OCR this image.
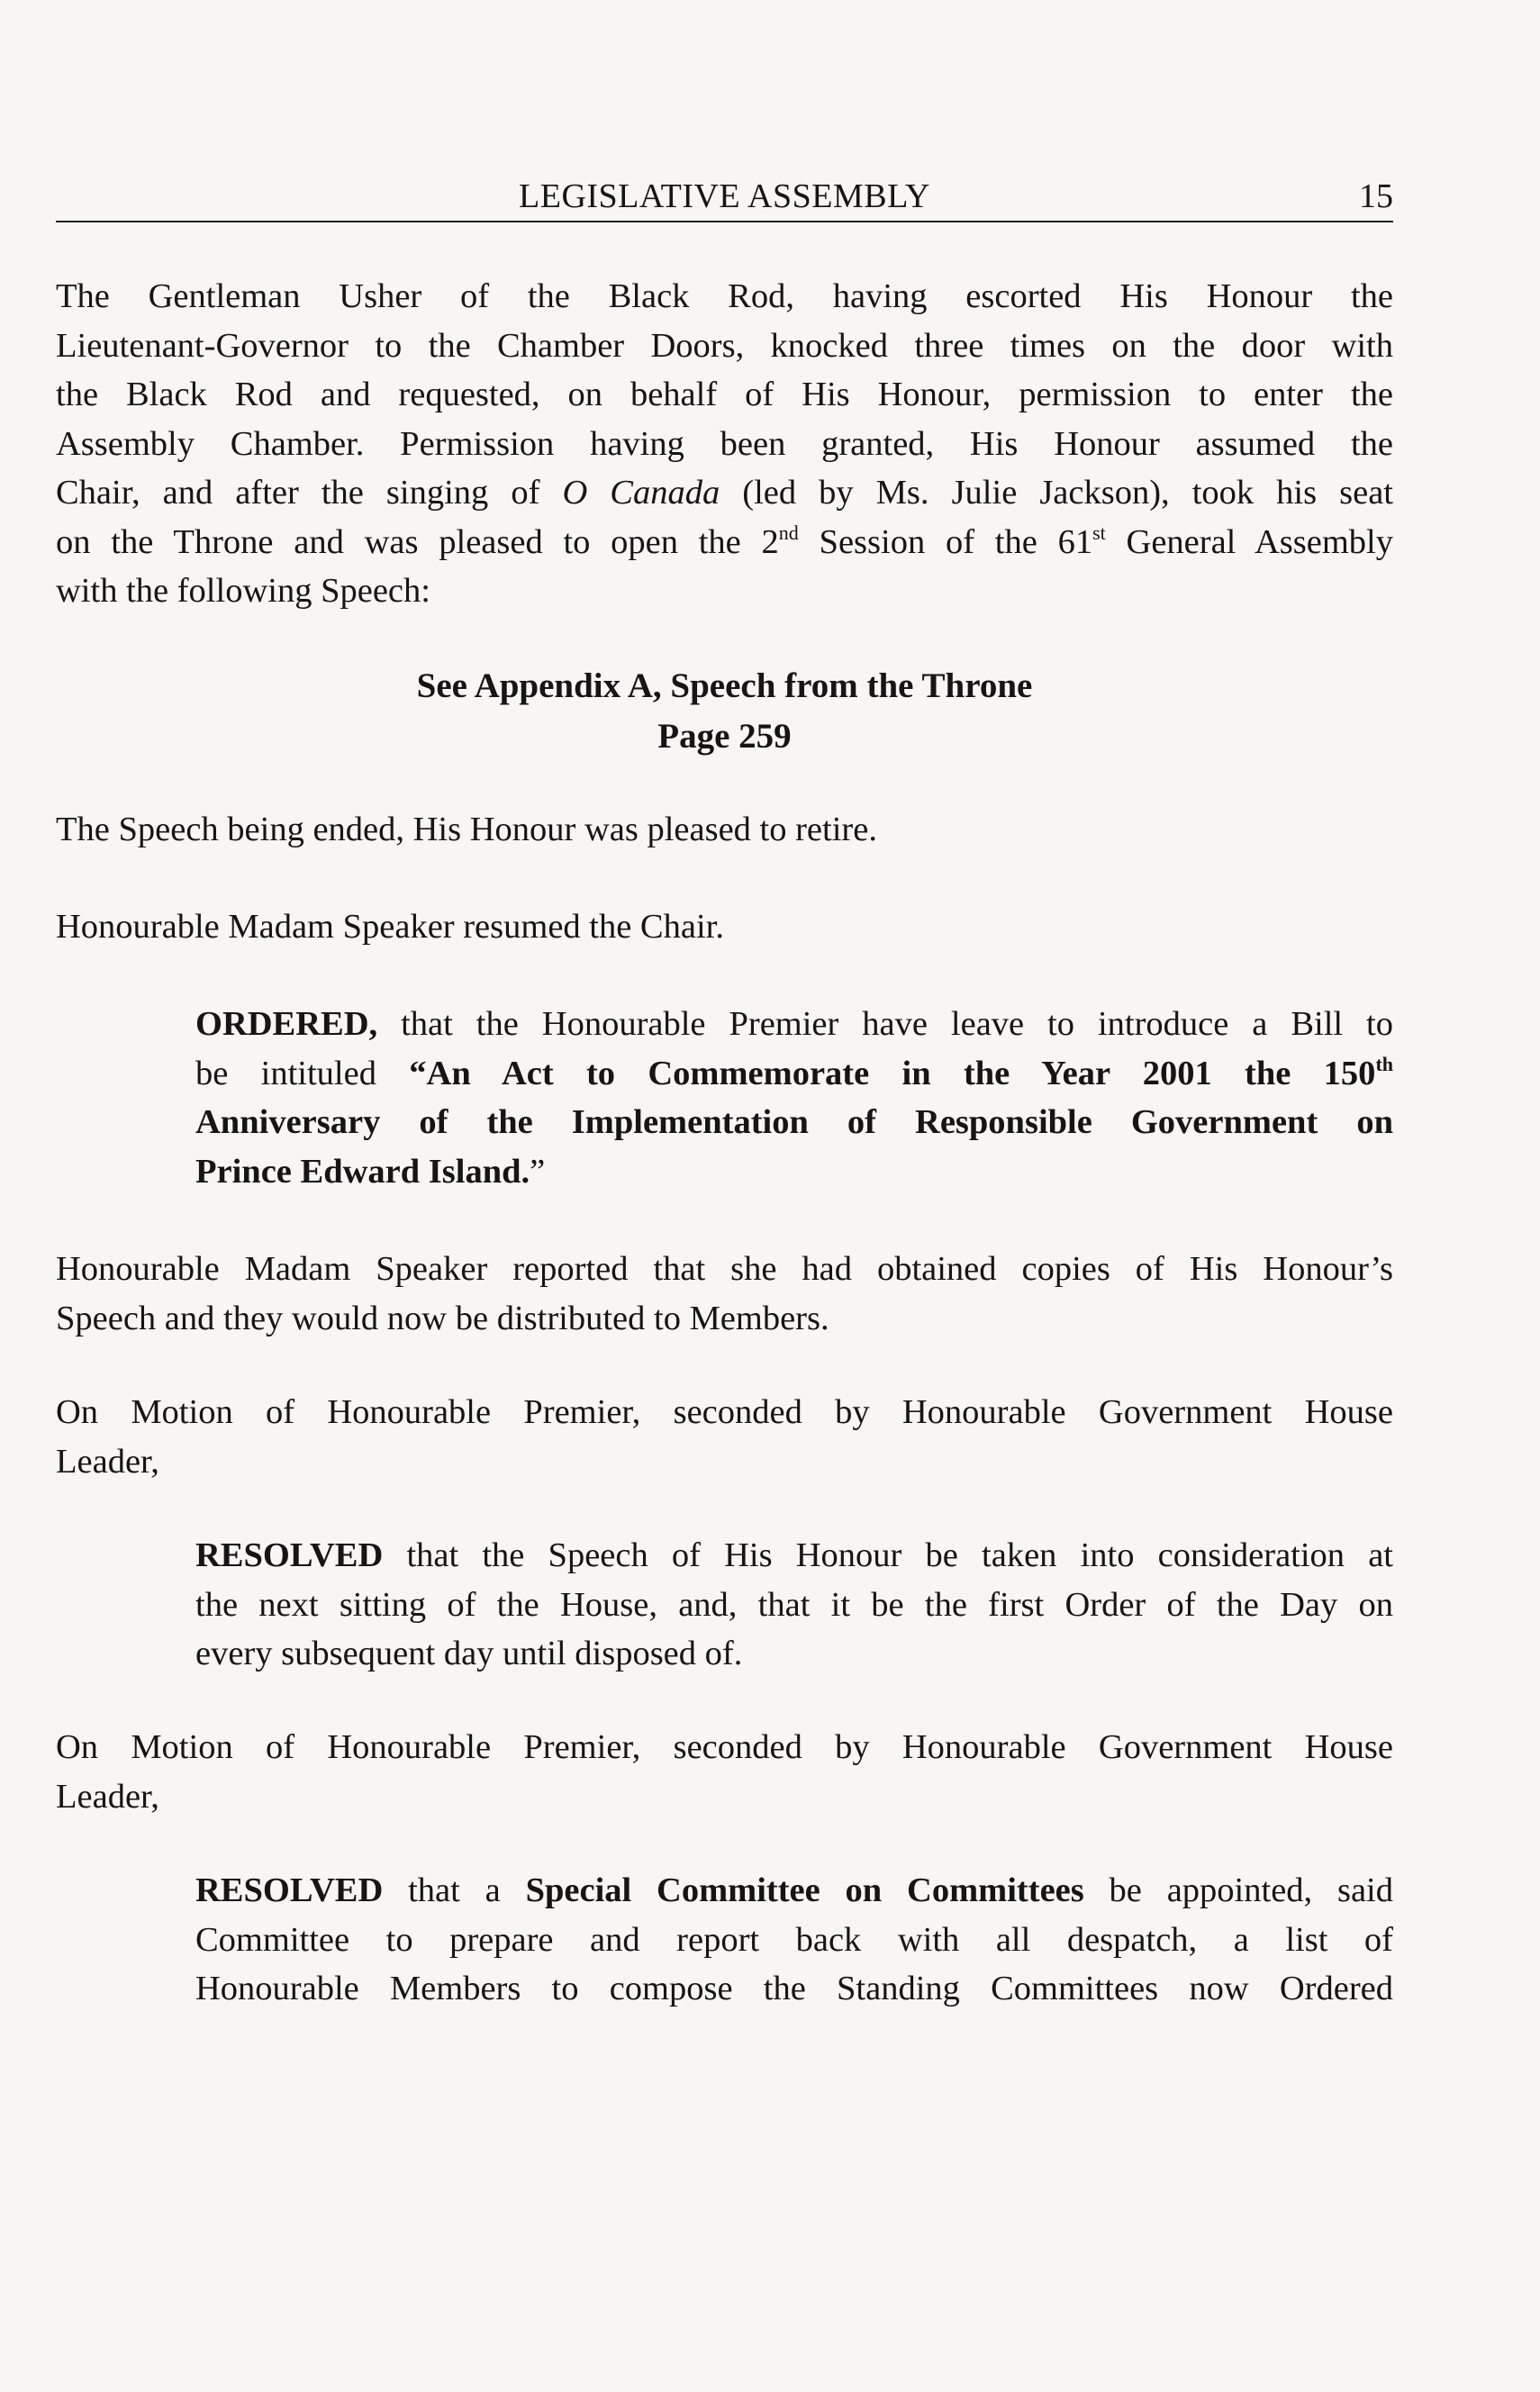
LEGISLATIVE ASSEMBLY	15
The Gentleman Usher of the Black Rod, having escorted His Honour the
Lieutenant-Governor to the Chamber Doors, knocked three times on the door with
the Black Rod and requested, on behalf of His Honour, permission to enter the
Assembly Chamber. Permission having been granted, His Honour assumed the
Chair, and after the singing of O Canada (led by Ms. Julie Jackson), took his seat
on the Throne and was pleased to open the 2nd Session of the 61st General Assembly
with the following Speech:
See Appendix A, Speech from the Throne
Page 259
The Speech being ended, His Honour was pleased to retire.
Honourable Madam Speaker resumed the Chair.
ORDERED, that the Honourable Premier have leave to introduce a Bill to
be intituled “An Act to Commemorate in the Year 2001 the 150th
Anniversary of the Implementation of Responsible Government on
Prince Edward Island.”
Honourable Madam Speaker reported that she had obtained copies of His Honour’s
Speech and they would now be distributed to Members.
On Motion of Honourable Premier, seconded by Honourable Government House
Leader,
RESOLVED that the Speech of His Honour be taken into consideration at
the next sitting of the House, and, that it be the first Order of the Day on
every subsequent day until disposed of.
On Motion of Honourable Premier, seconded by Honourable Government House
Leader,
RESOLVED that a Special Committee on Committees be appointed, said
Committee to prepare and report back with all despatch, a list of
Honourable Members to compose the Standing Committees now Ordered
